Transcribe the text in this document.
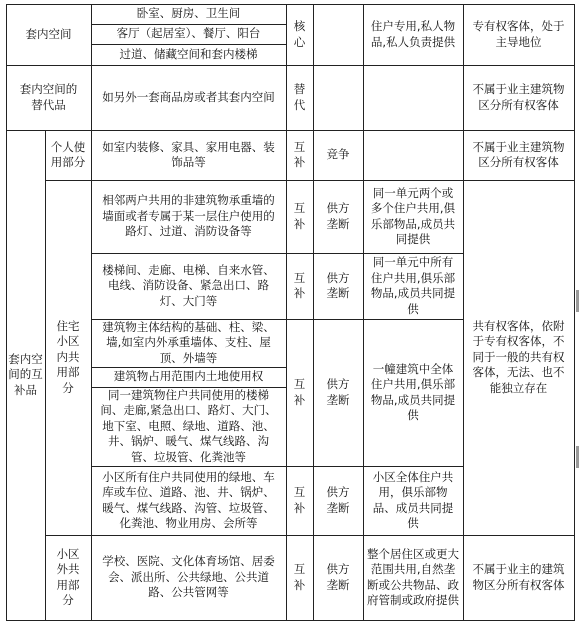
套内空间
卧室、厨房、卫生间
客厅（起居室）、餐厅、阳台
过道、储藏空间和套内楼梯
核
心
住户专用,私人物品,私人负责提供
专有权客体，处于主导地位
套内空间的替代品
如另外一套商品房或者其套内空间
替
代
不属于业主建筑物区分所有权客体
套内空间的互补品
个人使用部分
如室内装修、家具、家用电器、装饰品等
互
补
竞争
不属于业主建筑物区分所有权客体
住宅小区内共用部分
相邻两户共用的非建筑物承重墙的墙面或者专属于某一层住户使用的路灯、过道、消防设备等
互
补
供方
垄断
同一单元两个或多个住户共用,俱乐部物品,成员共同提供
楼梯间、走廊、电梯、自来水管、电线、消防设备、紧急出口、路灯、大门等
互
补
供方
垄断
同一单元中所有住户共用,俱乐部物品,成员共同提供
建筑物主体结构的基础、柱、梁、墙,如室内外承重墙体、支柱、屋顶、外墙等
建筑物占用范围内土地使用权
同一建筑物住户共同使用的楼梯间、走廊,紧急出口、路灯、大门、地下室、电照、绿地、道路、池、井、锅炉、暖气、煤气线路、沟管、垃圾管、化粪池等
互
补
供方
垄断
一幢建筑中全体住户共用,俱乐部物品,成员共同提供
小区所有住户共同使用的绿地、车库或车位、道路、池、井、锅炉、暖气、煤气线路、沟管、垃圾管、化粪池、物业用房、会所等
互
补
供方
垄断
小区全体住户共用，俱乐部物品、成员共同提供
共有权客体，依附于专有权客体，不同于一般的共有权客体，无法、也不能独立存在
小区外共用部分
学校、医院、文化体育场馆、居委会、派出所、公共绿地、公共道路、公共管网等
互
补
供方
垄断
整个居住区或更大范围共用,自然垄断或公共物品、政府管制或政府提供
不属于业主的建筑物区分所有权客体
